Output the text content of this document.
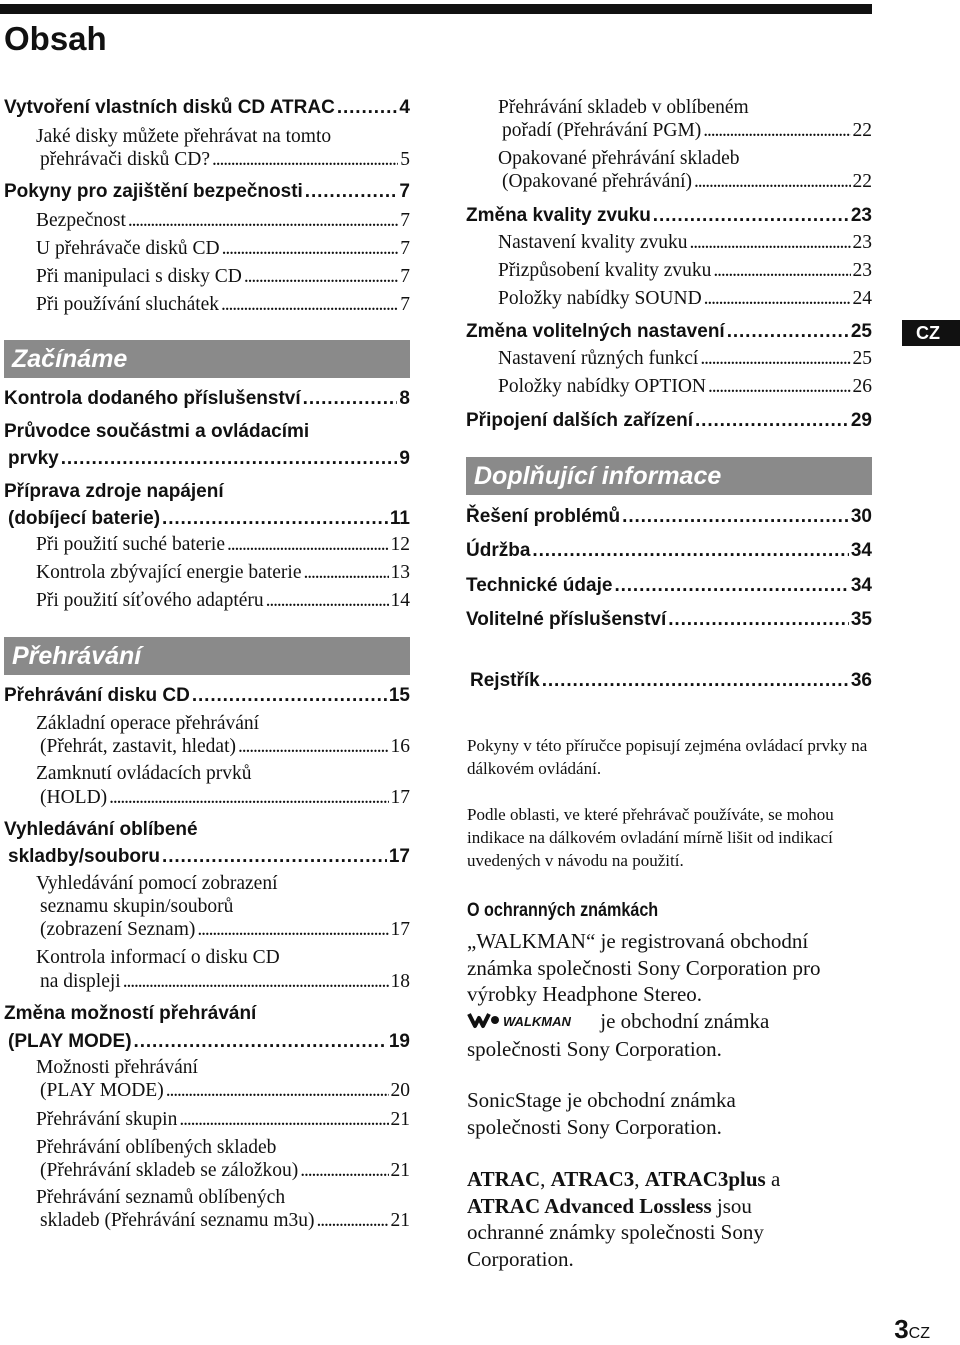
Obsah
Vytvoření vlastních disků CD ATRAC . . .	4
Jaké disky můžete přehrávat na tomto
přehrávači disků CD? . . .	5
Pokyny pro zajištění bezpečnosti . . .	7
Bezpečnost . . .	7
U přehrávače disků CD . . .	7
Při manipulaci s disky CD . . .	7
Při používání sluchátek . . .	7
Začínáme
Kontrola dodaného příslušenství . . .	8
Průvodce součástmi a ovládacími
prvky . . .	9
Příprava zdroje napájení
(dobíjecí baterie) . . .	11
Při použití suché baterie . . .	12
Kontrola zbývající energie baterie . . .	13
Při použití síťového adaptéru . . .	14
Přehrávání
Přehrávání disku CD . . .	15
Základní operace přehrávání
(Přehrát, zastavit, hledat) . . .	16
Zamknutí ovládacích prvků
(HOLD) . . .	17
Vyhledávání oblíbené
skladby/souboru . . .	17
Vyhledávání pomocí zobrazení
seznamu skupin/souborů
(zobrazení Seznam) . . .	17
Kontrola informací o disku CD
na displeji . . .	18
Změna možností přehrávání
(PLAY MODE) . . .	19
Možnosti přehrávání
(PLAY MODE) . . .	20
Přehrávání skupin . . .	21
Přehrávání oblíbených skladeb
(Přehrávání skladeb se záložkou) . . .	21
Přehrávání seznamů oblíbených
skladeb (Přehrávání seznamu m3u) . . .	21
Přehrávání skladeb v oblíbeném
pořadí (Přehrávání PGM) . . .	22
Opakované přehrávání skladeb
(Opakované přehrávání) . . .	22
Změna kvality zvuku . . .	23
Nastavení kvality zvuku . . .	23
Přizpůsobení kvality zvuku . . .	23
Položky nabídky SOUND . . .	24
Změna volitelných nastavení . . .	25
Nastavení různých funkcí . . .	25
Položky nabídky OPTION . . .	26
Připojení dalších zařízení . . .	29
Doplňující informace
Řešení problémů . . .	30
Údržba . . .	34
Technické údaje . . .	34
Volitelné příslušenství . . .	35
Rejstřík . . .	36
CZ
Pokyny v této příručce popisují zejména ovládací prvky na dálkovém ovládání.
Podle oblasti, ve které přehrávač používáte, se mohou indikace na dálkovém ovladání mírně lišit od indikací uvedených v návodu na použití.
O ochranných známkách
„WALKMAN“ je registrovaná obchodní známka společnosti Sony Corporation pro výrobky Headphone Stereo.
WALKMAN je obchodní známka
společnosti Sony Corporation.
SonicStage je obchodní známka společnosti Sony Corporation.
ATRAC, ATRAC3, ATRAC3plus a ATRAC Advanced Lossless jsou ochranné známky společnosti Sony Corporation.
3CZ
